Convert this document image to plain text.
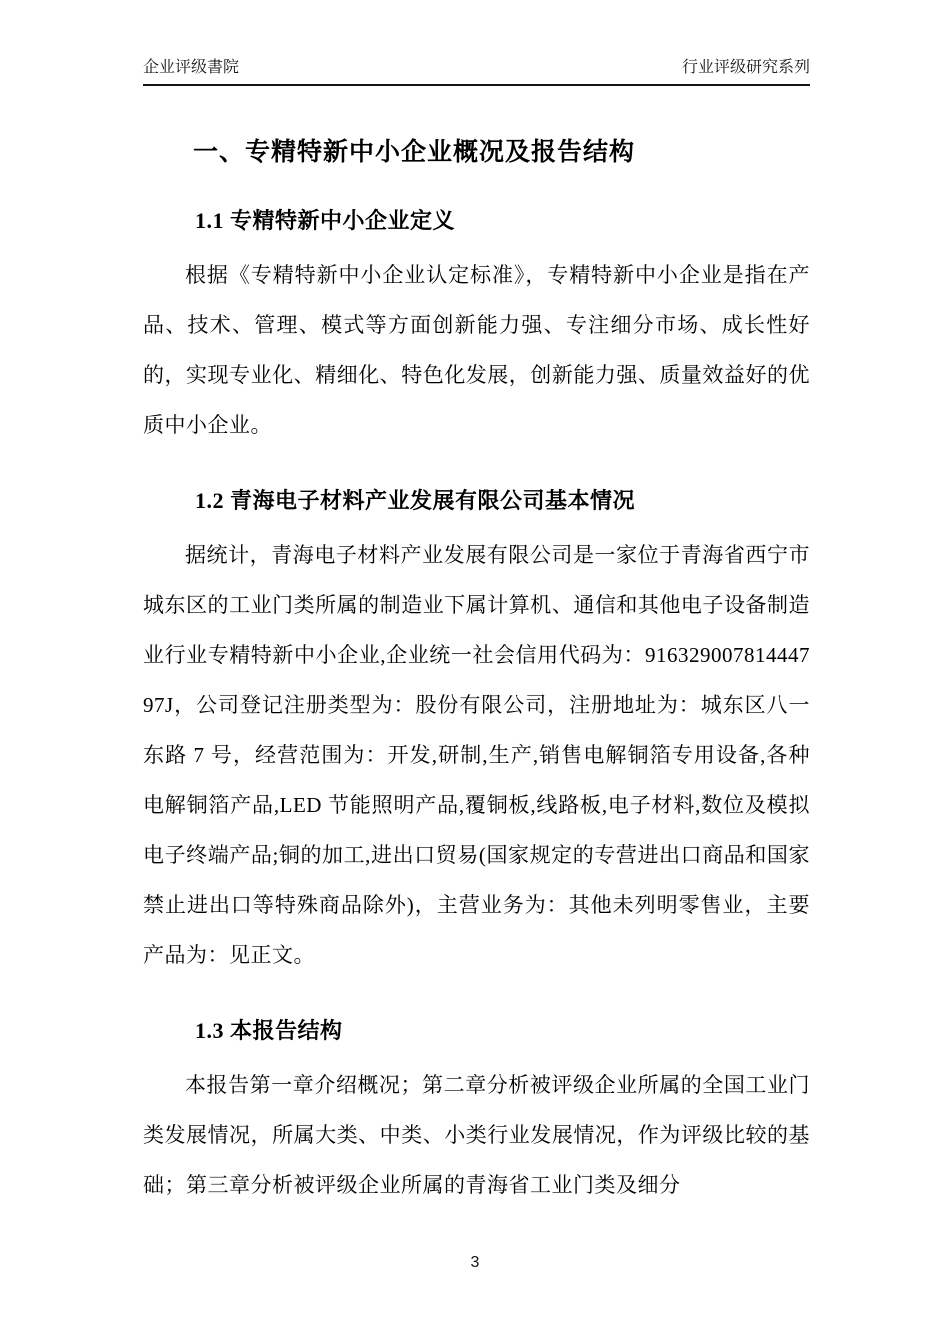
企业评级書院	行业评级研究系列
一、专精特新中小企业概况及报告结构
1.1 专精特新中小企业定义

根据《专精特新中小企业认定标准》，专精特新中小企业是指在产品、技术、管理、模式等方面创新能力强、专注细分市场、成长性好的，实现专业化、精细化、特色化发展，创新能力强、质量效益好的优质中小企业。

1.2 青海电子材料产业发展有限公司基本情况

据统计，青海电子材料产业发展有限公司是一家位于青海省西宁市城东区的工业门类所属的制造业下属计算机、通信和其他电子设备制造业行业专精特新中小企业,企业统一社会信用代码为：91632900781444797J，公司登记注册类型为：股份有限公司，注册地址为：城东区八一东路 7 号，经营范围为：开发,研制,生产,销售电解铜箔专用设备,各种电解铜箔产品,LED 节能照明产品,覆铜板,线路板,电子材料,数位及模拟电子终端产品;铜的加工,进出口贸易(国家规定的专营进出口商品和国家禁止进出口等特殊商品除外)，主营业务为：其他未列明零售业，主要产品为：见正文。

1.3 本报告结构

本报告第一章介绍概况；第二章分析被评级企业所属的全国工业门类发展情况，所属大类、中类、小类行业发展情况，作为评级比较的基础；第三章分析被评级企业所属的青海省工业门类及细分

3
